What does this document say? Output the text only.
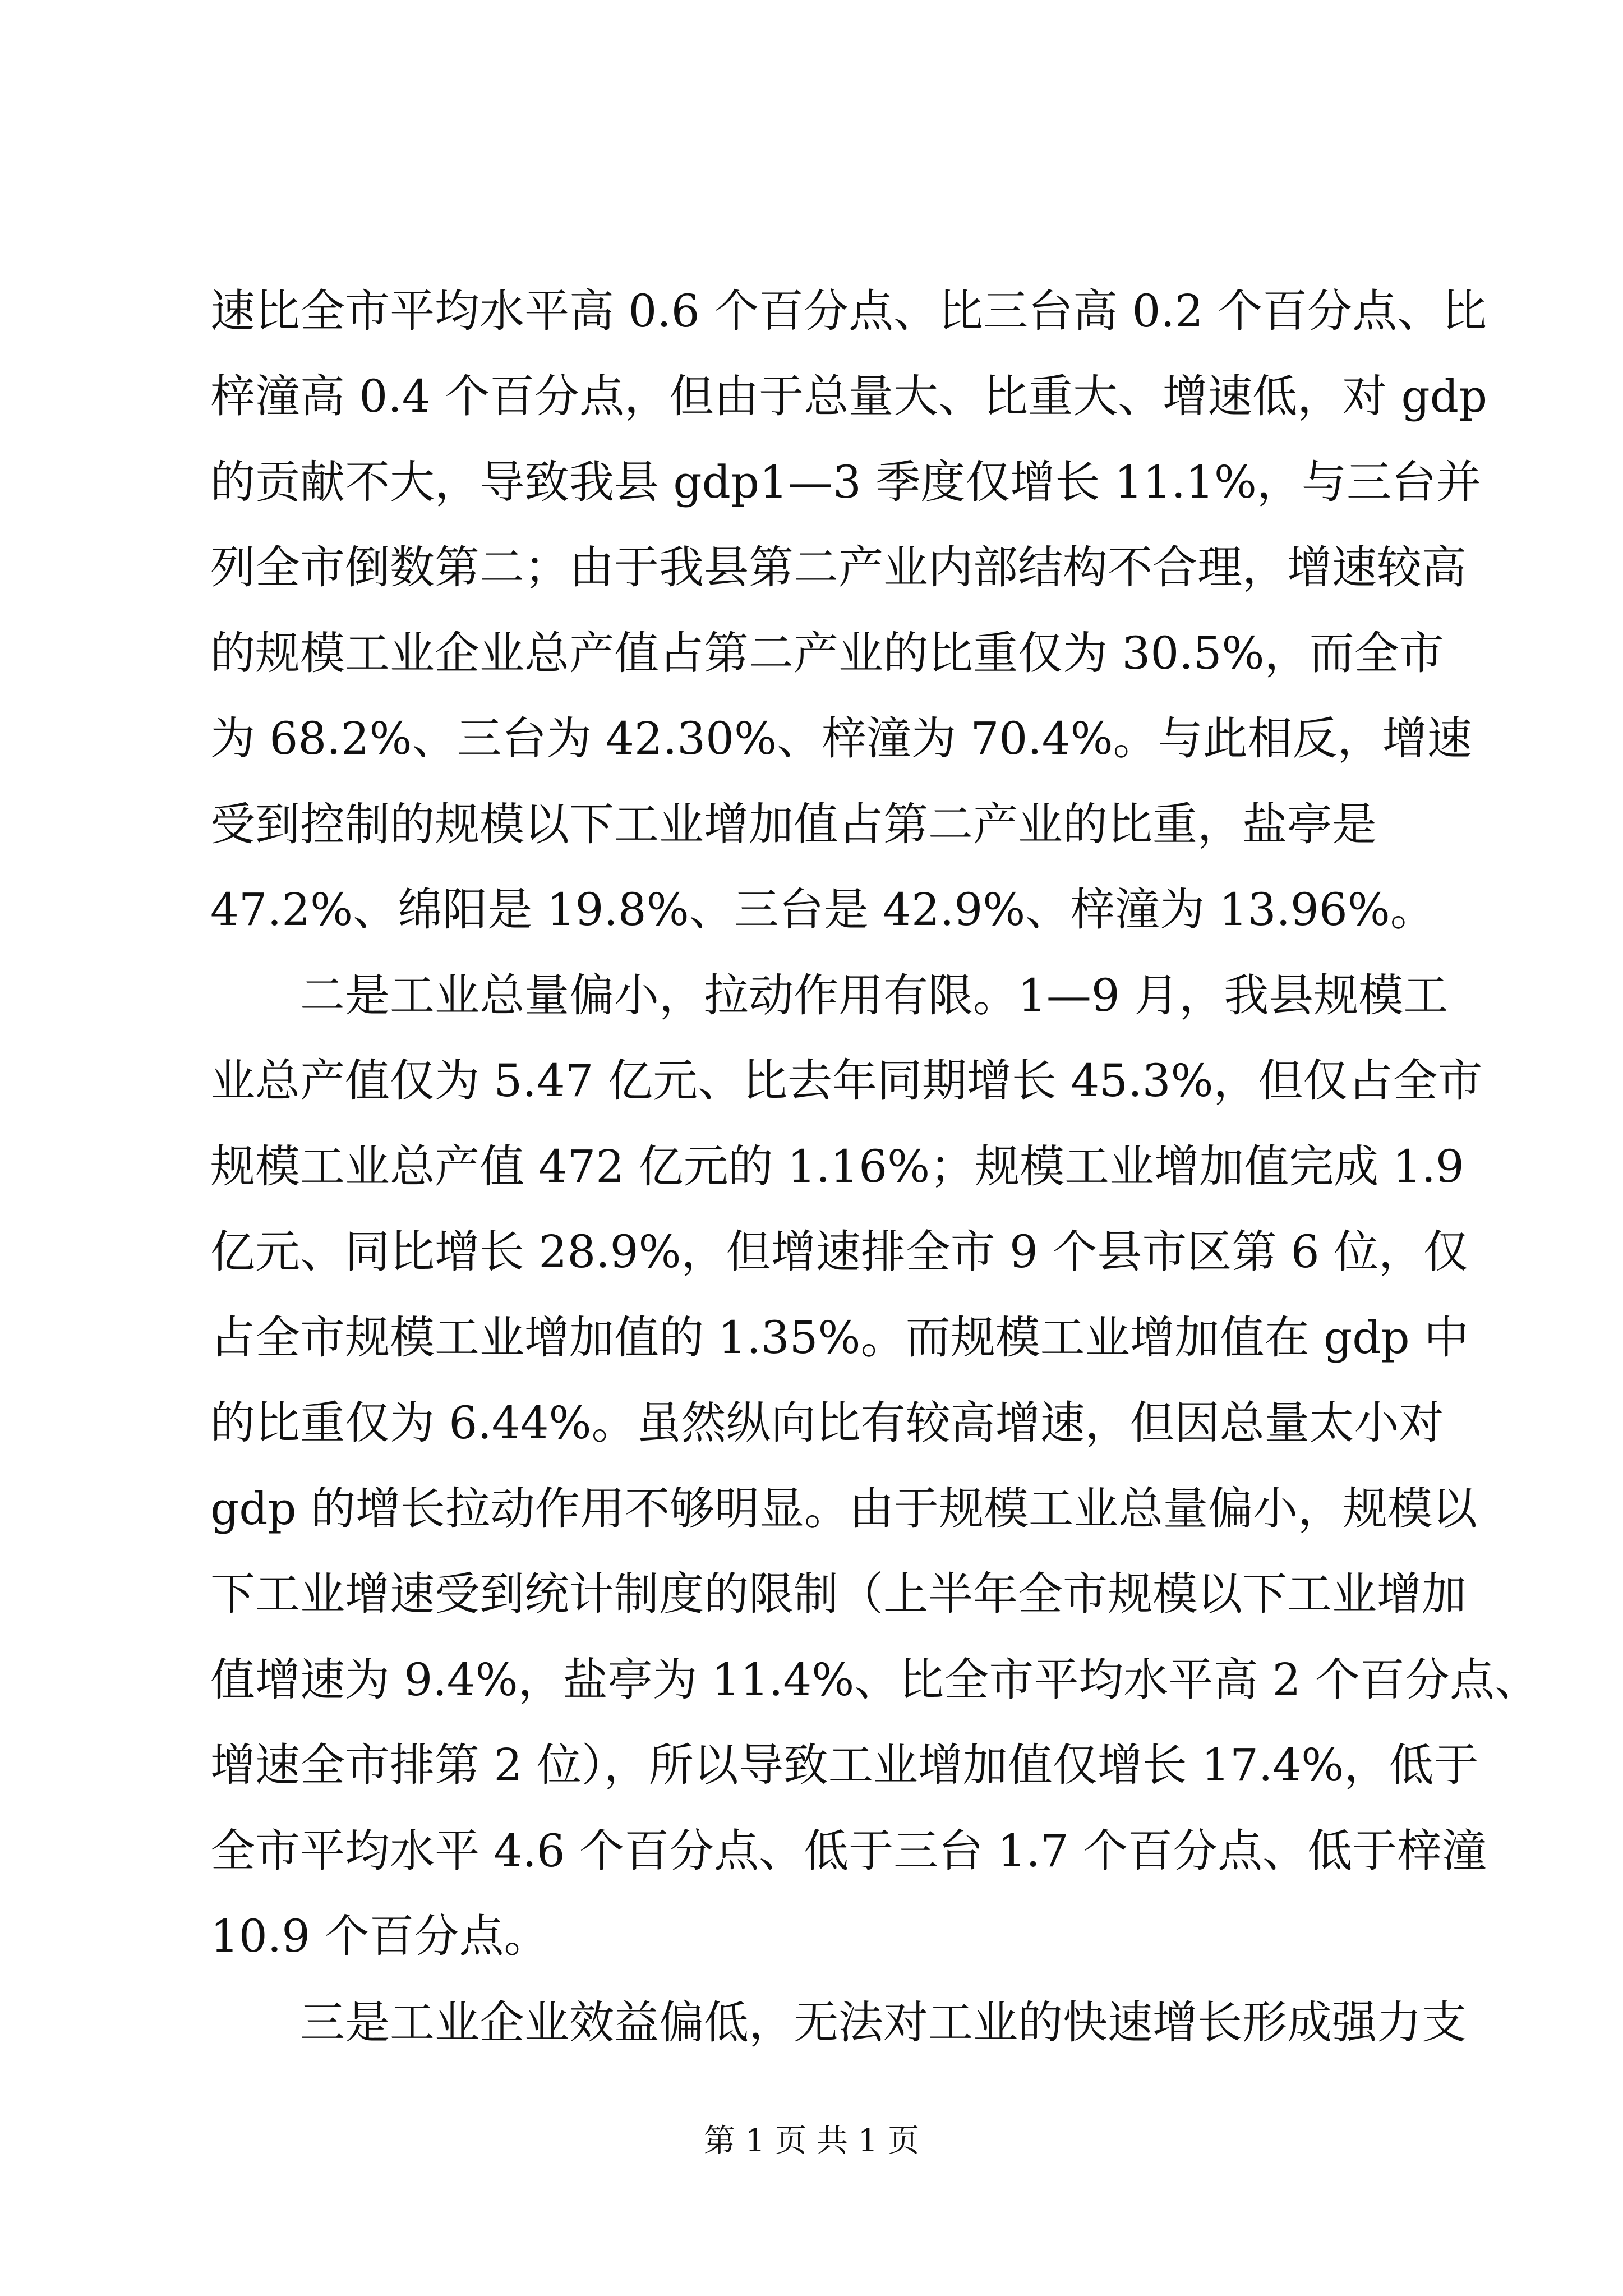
速比全市平均水平高 0.6 个百分点、比三台高 0.2 个百分点、比
梓潼高 0.4 个百分点，但由于总量大、比重大、增速低，对 gdp
的贡献不大，导致我县 gdp1—3 季度仅增长 11.1%，与三台并
列全市倒数第二；由于我县第二产业内部结构不合理，增速较高
的规模工业企业总产值占第二产业的比重仅为 30.5%，而全市
为 68.2%、三台为 42.30%、梓潼为 70.4%。与此相反，增速
受到控制的规模以下工业增加值占第二产业的比重，盐亭是
47.2%、绵阳是 19.8%、三台是 42.9%、梓潼为 13.96%。
　　二是工业总量偏小，拉动作用有限。1—9 月，我县规模工
业总产值仅为 5.47 亿元、比去年同期增长 45.3%，但仅占全市
规模工业总产值 472 亿元的 1.16%；规模工业增加值完成 1.9
亿元、同比增长 28.9%，但增速排全市 9 个县市区第 6 位，仅
占全市规模工业增加值的 1.35%。而规模工业增加值在 gdp 中
的比重仅为 6.44%。虽然纵向比有较高增速，但因总量太小对
gdp 的增长拉动作用不够明显。由于规模工业总量偏小，规模以
下工业增速受到统计制度的限制（上半年全市规模以下工业增加
值增速为 9.4%，盐亭为 11.4%、比全市平均水平高 2 个百分点、
增速全市排第 2 位），所以导致工业增加值仅增长 17.4%，低于
全市平均水平 4.6 个百分点、低于三台 1.7 个百分点、低于梓潼
10.9 个百分点。
　　三是工业企业效益偏低，无法对工业的快速增长形成强力支
第 1 页 共 1 页
